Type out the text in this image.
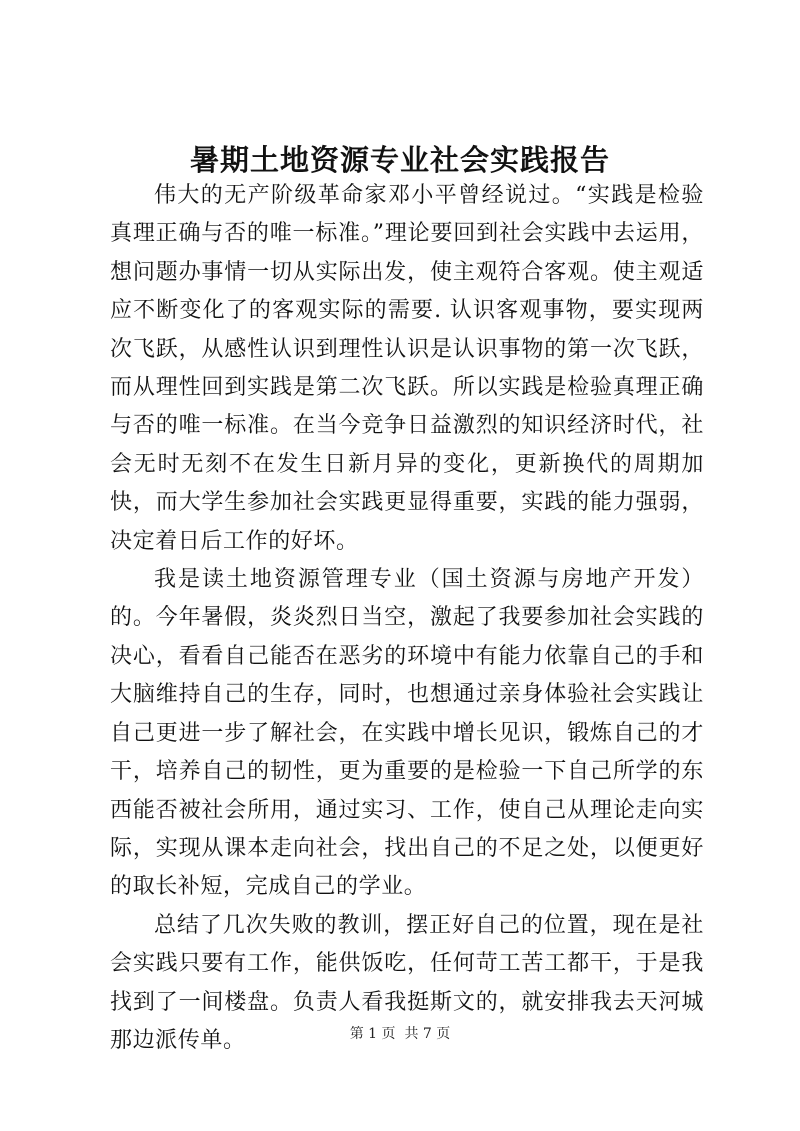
暑期土地资源专业社会实践报告

伟大的无产阶级革命家邓小平曾经说过。“实践是检验真理正确与否的唯一标准。”理论要回到社会实践中去运用，想问题办事情一切从实际出发，使主观符合客观。使主观适应不断变化了的客观实际的需要. 认识客观事物，要实现两次飞跃，从感性认识到理性认识是认识事物的第一次飞跃，而从理性回到实践是第二次飞跃。所以实践是检验真理正确与否的唯一标准。在当今竞争日益激烈的知识经济时代，社会无时无刻不在发生日新月异的变化，更新换代的周期加快，而大学生参加社会实践更显得重要，实践的能力强弱，决定着日后工作的好坏。

我是读土地资源管理专业（国土资源与房地产开发）的。今年暑假，炎炎烈日当空，激起了我要参加社会实践的决心，看看自己能否在恶劣的环境中有能力依靠自己的手和大脑维持自己的生存，同时，也想通过亲身体验社会实践让自己更进一步了解社会，在实践中增长见识，锻炼自己的才干，培养自己的韧性，更为重要的是检验一下自己所学的东西能否被社会所用，通过实习、工作，使自己从理论走向实际，实现从课本走向社会，找出自己的不足之处，以便更好的取长补短，完成自己的学业。

总结了几次失败的教训，摆正好自己的位置，现在是社会实践只要有工作，能供饭吃，任何苛工苦工都干，于是我找到了一间楼盘。负责人看我挺斯文的，就安排我去天河城那边派传单。	第 1 页  共 7 页
